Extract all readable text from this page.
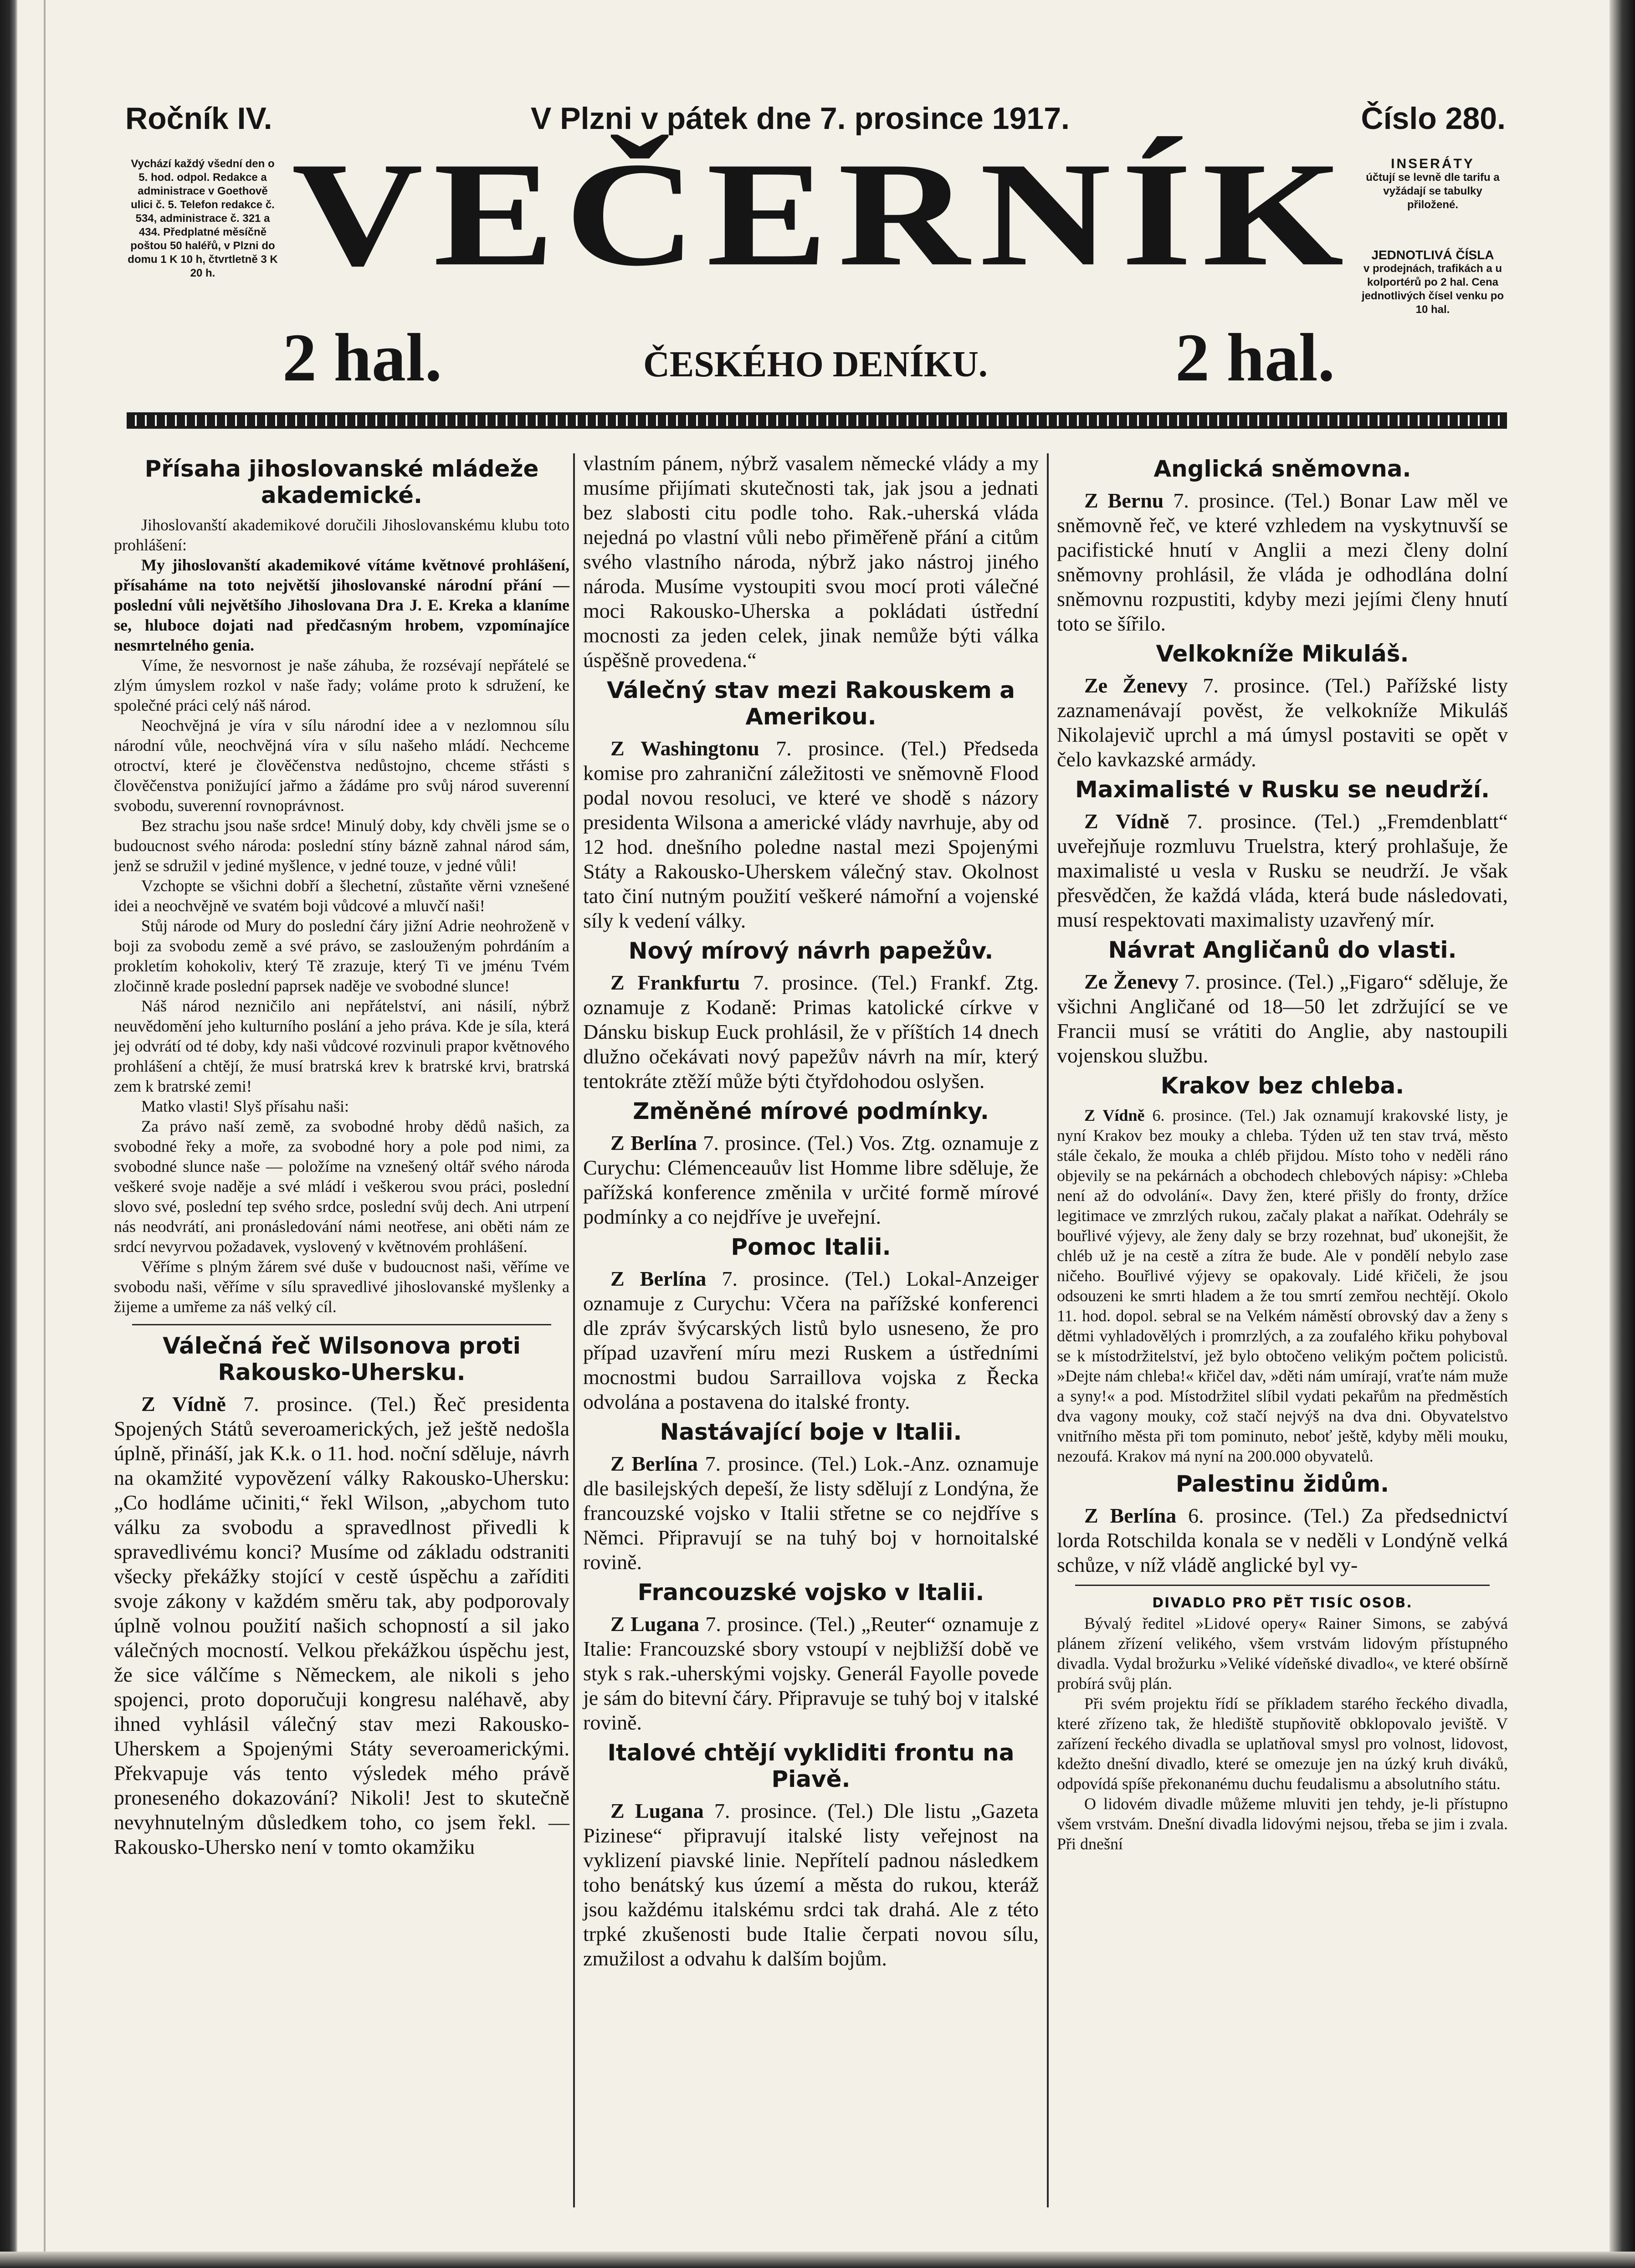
Ročník IV.	V Plzni v pátek dne 7. prosince 1917.	Číslo 280.
Vychází každý všední den o 5. hod. odpol. Redakce a administrace v Goethově ulici č. 5. Telefon redakce č. 534, administrace č. 321 a 434. Předplatné měsíčně poštou 50 haléřů, v Plzni do domu 1 K 10 h, čtvrtletně 3 K 20 h.
INSERÁTY
účtují se levně dle tarifu a vyžádají se tabulky přiložené.
JEDNOTLIVÁ ČÍSLA
v prodejnách, trafikách a u kolportérů po 2 hal. Cena jednotlivých čísel venku po 10 hal.
VEČERNÍK
2 hal.	ČESKÉHO DENÍKU.	2 hal.
Přísaha jihoslovanské mládeže akademické.

Jihoslovanští akademikové doručili Jihoslovanskému klubu toto prohlášení:

My jihoslovanští akademikové vítáme květnové prohlášení, přísaháme na toto největší jihoslovanské národní přání — poslední vůli největšího Jihoslovana Dra J. E. Kreka a klaníme se, hluboce dojati nad předčasným hrobem, vzpomínajíce nesmrtelného genia.

Víme, že nesvornost je naše záhuba, že rozsévají nepřátelé se zlým úmyslem rozkol v naše řady; voláme proto k sdružení, ke společné práci celý náš národ.

Neochvějná je víra v sílu národní idee a v nezlomnou sílu národní vůle, neochvějná víra v sílu našeho mládí. Nechceme otroctví, které je člověčenstva nedůstojno, chceme střásti s člověčenstva ponižující jařmo a žádáme pro svůj národ suverenní svobodu, suverenní rovnoprávnost.

Bez strachu jsou naše srdce! Minulý doby, kdy chvěli jsme se o budoucnost svého národa: poslední stíny bázně zahnal národ sám, jenž se sdružil v jediné myšlence, v jedné touze, v jedné vůli!

Vzchopte se všichni dobří a šlechetní, zůstaňte věrni vznešené idei a neochvějně ve svatém boji vůdcové a mluvčí naši!

Stůj národe od Mury do poslední čáry jižní Adrie neohroženě v boji za svobodu země a své právo, se zaslouženým pohrdáním a prokletím kohokoliv, který Tě zrazuje, který Ti ve jménu Tvém zločinně krade poslední paprsek naděje ve svobodné slunce!

Náš národ nezničilo ani nepřátelství, ani násilí, nýbrž neuvědomění jeho kulturního poslání a jeho práva. Kde je síla, která jej odvrátí od té doby, kdy naši vůdcové rozvinuli prapor květnového prohlášení a chtějí, že musí bratrská krev k bratrské krvi, bratrská zem k bratrské zemi!

Matko vlasti! Slyš přísahu naši:

Za právo naší země, za svobodné hroby dědů našich, za svobodné řeky a moře, za svobodné hory a pole pod nimi, za svobodné slunce naše — položíme na vznešený oltář svého národa veškeré svoje naděje a své mládí i veškerou svou práci, poslední slovo své, poslední tep svého srdce, poslední svůj dech. Ani utrpení nás neodvrátí, ani pronásledování námi neotřese, ani oběti nám ze srdcí nevyrvou požadavek, vyslovený v květnovém prohlášení.

Věříme s plným žárem své duše v budoucnost naši, věříme ve svobodu naši, věříme v sílu spravedlivé jihoslovanské myšlenky a žijeme a umřeme za náš velký cíl.

Válečná řeč Wilsonova proti Rakousko-Uhersku.

Z Vídně 7. prosince. (Tel.) Řeč presidenta Spojených Států severoamerických, jež ještě nedošla úplně, přináší, jak K.k. o 11. hod. noční sděluje, návrh na okamžité vypovězení války Rakousko-Uhersku: „Co hodláme učiniti,“ řekl Wilson, „abychom tuto válku za svobodu a spravedlnost přivedli k spravedlivému konci? Musíme od základu odstraniti všecky překážky stojící v cestě úspěchu a zaříditi svoje zákony v každém směru tak, aby podporovaly úplně volnou použití našich schopností a sil jako válečných mocností. Velkou překážkou úspěchu jest, že sice válčíme s Německem, ale nikoli s jeho spojenci, proto doporučuji kongresu naléhavě, aby ihned vyhlásil válečný stav mezi Rakousko-Uherskem a Spojenými Státy severoamerickými. Překvapuje vás tento výsledek mého právě proneseného dokazování? Nikoli! Jest to skutečně nevyhnutelným důsledkem toho, co jsem řekl. — Rakousko-Uhersko není v tomto okamžiku

vlastním pánem, nýbrž vasalem německé vlády a my musíme přijímati skutečnosti tak, jak jsou a jednati bez slabosti citu podle toho. Rak.-uherská vláda nejedná po vlastní vůli nebo přiměřeně přání a citům svého vlastního národa, nýbrž jako nástroj jiného národa. Musíme vystoupiti svou mocí proti válečné moci Rakousko-Uherska a pokládati ústřední mocnosti za jeden celek, jinak nemůže býti válka úspěšně provedena.“

Válečný stav mezi Rakouskem a Amerikou.

Z Washingtonu 7. prosince. (Tel.) Předseda komise pro zahraniční záležitosti ve sněmovně Flood podal novou resoluci, ve které ve shodě s názory presidenta Wilsona a americké vlády navrhuje, aby od 12 hod. dnešního poledne nastal mezi Spojenými Státy a Rakousko-Uherskem válečný stav. Okolnost tato činí nutným použití veškeré námořní a vojenské síly k vedení války.

Nový mírový návrh papežův.

Z Frankfurtu 7. prosince. (Tel.) Frankf. Ztg. oznamuje z Kodaně: Primas katolické církve v Dánsku biskup Euck prohlásil, že v příštích 14 dnech dlužno očekávati nový papežův návrh na mír, který tentokráte ztěží může býti čtyřdohodou oslyšen.

Změněné mírové podmínky.

Z Berlína 7. prosince. (Tel.) Vos. Ztg. oznamuje z Curychu: Clémenceauův list Homme libre sděluje, že pařížská konference změnila v určité formě mírové podmínky a co nejdříve je uveřejní.

Pomoc Italii.

Z Berlína 7. prosince. (Tel.) Lokal-Anzeiger oznamuje z Curychu: Včera na pařížské konferenci dle zpráv švýcarských listů bylo usneseno, že pro případ uzavření míru mezi Ruskem a ústředními mocnostmi budou Sarraillova vojska z Řecka odvolána a postavena do italské fronty.

Nastávající boje v Italii.

Z Berlína 7. prosince. (Tel.) Lok.-Anz. oznamuje dle basilejských depeší, že listy sdělují z Londýna, že francouzské vojsko v Italii střetne se co nejdříve s Němci. Připravují se na tuhý boj v hornoitalské rovině.

Francouzské vojsko v Italii.

Z Lugana 7. prosince. (Tel.) „Reuter“ oznamuje z Italie: Francouzské sbory vstoupí v nejbližší době ve styk s rak.-uherskými vojsky. Generál Fayolle povede je sám do bitevní čáry. Připravuje se tuhý boj v italské rovině.

Italové chtějí vykliditi frontu na Piavě.

Z Lugana 7. prosince. (Tel.) Dle listu „Gazeta Pizinese“ připravují italské listy veřejnost na vyklizení piavské linie. Nepřítelí padnou následkem toho benátský kus území a města do rukou, kteráž jsou každému italskému srdci tak drahá. Ale z této trpké zkušenosti bude Italie čerpati novou sílu, zmužilost a odvahu k dalším bojům.

Anglická sněmovna.

Z Bernu 7. prosince. (Tel.) Bonar Law měl ve sněmovně řeč, ve které vzhledem na vyskytnuvší se pacifistické hnutí v Anglii a mezi členy dolní sněmovny prohlásil, že vláda je odhodlána dolní sněmovnu rozpustiti, kdyby mezi jejími členy hnutí toto se šířilo.

Velkokníže Mikuláš.

Ze Ženevy 7. prosince. (Tel.) Pařížské listy zaznamenávají pověst, že velkokníže Mikuláš Nikolajevič uprchl a má úmysl postaviti se opět v čelo kavkazské armády.

Maximalisté v Rusku se neudrží.

Z Vídně 7. prosince. (Tel.) „Fremdenblatt“ uveřejňuje rozmluvu Truelstra, který prohlašuje, že maximalisté u vesla v Rusku se neudrží. Je však přesvědčen, že každá vláda, která bude následovati, musí respektovati maximalisty uzavřený mír.

Návrat Angličanů do vlasti.

Ze Ženevy 7. prosince. (Tel.) „Figaro“ sděluje, že všichni Angličané od 18—50 let zdržující se ve Francii musí se vrátiti do Anglie, aby nastoupili vojenskou službu.

Krakov bez chleba.

Z Vídně 6. prosince. (Tel.) Jak oznamují krakovské listy, je nyní Krakov bez mouky a chleba. Týden už ten stav trvá, město stále čekalo, že mouka a chléb přijdou. Místo toho v neděli ráno objevily se na pekárnách a obchodech chlebových nápisy: »Chleba není až do odvolání«. Davy žen, které přišly do fronty, držíce legitimace ve zmrzlých rukou, začaly plakat a naříkat. Odehrály se bouřlivé výjevy, ale ženy daly se brzy rozehnat, buď ukonejšit, že chléb už je na cestě a zítra že bude. Ale v pondělí nebylo zase ničeho. Bouřlivé výjevy se opakovaly. Lidé křičeli, že jsou odsouzeni ke smrti hladem a že tou smrtí zemřou nechtějí. Okolo 11. hod. dopol. sebral se na Velkém náměstí obrovský dav a ženy s dětmi vyhladovělých i promrzlých, a za zoufalého křiku pohyboval se k místodržitelství, jež bylo obtočeno velikým počtem policistů. »Dejte nám chleba!« křičel dav, »děti nám umírají, vraťte nám muže a syny!« a pod. Místodržitel slíbil vydati pekařům na předměstích dva vagony mouky, což stačí nejvýš na dva dni. Obyvatelstvo vnitřního města při tom pominuto, neboť ještě, kdyby měli mouku, nezoufá. Krakov má nyní na 200.000 obyvatelů.

Palestinu židům.

Z Berlína 6. prosince. (Tel.) Za předsednictví lorda Rotschilda konala se v neděli v Londýně velká schůze, v níž vládě anglické byl vy-

DIVADLO PRO PĚT TISÍC OSOB.

Bývalý ředitel »Lidové opery« Rainer Simons, se zabývá plánem zřízení velikého, všem vrstvám lidovým přístupného divadla. Vydal brožurku »Veliké vídeňské divadlo«, ve které obšírně probírá svůj plán.

Při svém projektu řídí se příkladem starého řeckého divadla, které zřízeno tak, že hlediště stupňovitě obklopovalo jeviště. V zařízení řeckého divadla se uplatňoval smysl pro volnost, lidovost, kdežto dnešní divadlo, které se omezuje jen na úzký kruh diváků, odpovídá spíše překonanému duchu feudalismu a absolutního státu.

O lidovém divadle můžeme mluviti jen tehdy, je-li přístupno všem vrstvám. Dnešní divadla lidovými nejsou, třeba se jim i zvala. Při dnešní
